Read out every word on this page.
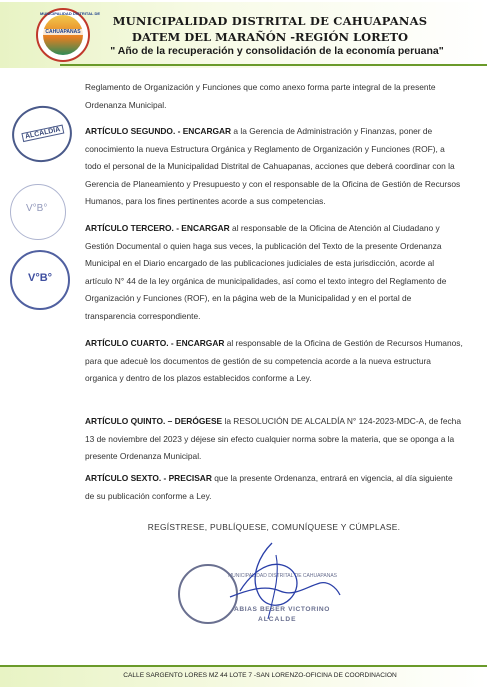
MUNICIPALIDAD DISTRITAL DE
CAHUAPANAS
MUNICIPALIDAD DISTRITAL DE CAHUAPANAS
DATEM DEL MARAÑÓN -REGIÓN LORETO
" Año de la recuperación y consolidación de la economía peruana"
Reglamento de Organización y Funciones que como anexo forma parte integral de la presente Ordenanza Municipal.
ARTÍCULO SEGUNDO. - ENCARGAR a la Gerencia de Administración y Finanzas, poner de conocimiento la nueva Estructura Orgánica y Reglamento de Organización y Funciones (ROF), a todo el personal de la Municipalidad Distrital de Cahuapanas, acciones que deberá coordinar con la Gerencia de Planeamiento y Presupuesto y con el responsable de la Oficina de Gestión de Recursos Humanos, para los fines pertinentes acorde a sus competencias.
ARTÍCULO TERCERO. - ENCARGAR al responsable de la Oficina de Atención al Ciudadano y Gestión Documental o quien haga sus veces, la publicación del Texto de la presente Ordenanza Municipal en el Diario encargado de las publicaciones judiciales de esta jurisdicción, acorde al artículo N° 44 de la ley orgánica de municipalidades, así como el texto integro del Reglamento de Organización y Funciones (ROF), en la página web de la Municipalidad y en el portal de transparencia correspondiente.
ARTÍCULO CUARTO. - ENCARGAR al responsable de la Oficina de Gestión de Recursos Humanos, para que adecuè los documentos de gestión de su competencia acorde a la nueva estructura organica y dentro de los plazos establecidos conforme a Ley.
ARTÍCULO QUINTO. – DERÓGESE la RESOLUCIÓN DE ALCALDÍA N° 124-2023-MDC-A, de fecha 13 de noviembre del 2023 y déjese sin efecto cualquier norma sobre la materia, que se oponga a la presente Ordenanza Municipal.
ARTÍCULO SEXTO. - PRECISAR que la presente Ordenanza, entrará en vigencia, al día siguiente de su publicación conforme a Ley.
REGÍSTRESE, PUBLÍQUESE, COMUNÍQUESE Y CÚMPLASE.
ALCALDÍA
V°B°
V°B°
MUNICIPALIDAD DISTRITAL DE CAHUAPANAS
ABIAS BESER VICTORINO
ALCALDE
CALLE SARGENTO LORES MZ 44 LOTE 7 -SAN LORENZO-OFICINA DE COORDINACION
